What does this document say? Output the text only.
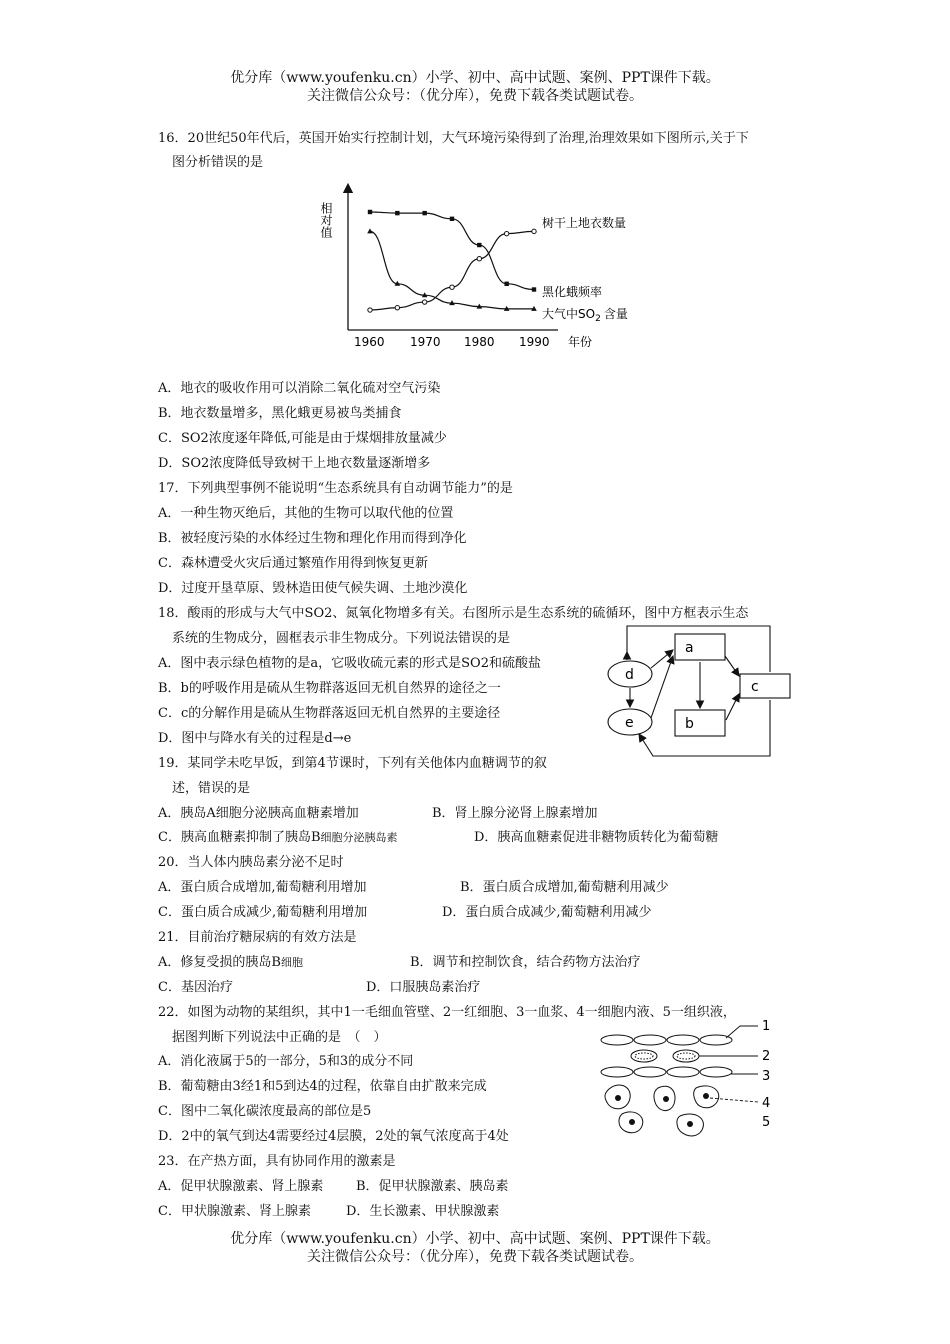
优分库（www.youfenku.cn）小学、初中、高中试题、案例、PPT课件下载。
关注微信公众号：（优分库），免费下载各类试题试卷。
16．20世纪50年代后，英国开始实行控制计划，大气环境污染得到了治理,治理效果如下图所示,关于下
图分析错误的是
相对值
年份
1960 1970 1980 1990
树干上地衣数量
黑化蛾频率
大气中$SO_2$ 含量
A．地衣的吸收作用可以消除二氧化硫对空气污染
B．地衣数量增多，黑化蛾更易被鸟类捕食
C．SO2浓度逐年降低,可能是由于煤烟排放量减少
D．SO2浓度降低导致树干上地衣数量逐渐增多
17．下列典型事例不能说明“生态系统具有自动调节能力”的是
A．一种生物灭绝后，其他的生物可以取代他的位置
B．被轻度污染的水体经过生物和理化作用而得到净化
C．森林遭受火灾后通过繁殖作用得到恢复更新
D．过度开垦草原、毁林造田使气候失调、土地沙漠化
18．酸雨的形成与大气中SO2、氮氧化物增多有关。右图所示是生态系统的硫循环，图中方框表示生态
系统的生物成分，圆框表示非生物成分。下列说法错误的是
A．图中表示绿色植物的是a，它吸收硫元素的形式是SO2和硫酸盐
B．b的呼吸作用是硫从生物群落返回无机自然界的途径之一
C．c的分解作用是硫从生物群落返回无机自然界的主要途径
D．图中与降水有关的过程是d→e
a
c
b
d
e
19．某同学未吃早饭，到第4节课时，下列有关他体内血糖调节的叙
述，错误的是
A．胰岛A细胞分泌胰高血糖素增加	B．肾上腺分泌肾上腺素增加
C．胰高血糖素抑制了胰岛B细胞分泌胰岛素	D．胰高血糖素促进非糖物质转化为葡萄糖
20．当人体内胰岛素分泌不足时
A．蛋白质合成增加,葡萄糖利用增加	B．蛋白质合成增加,葡萄糖利用减少
C．蛋白质合成减少,葡萄糖利用增加	D．蛋白质合成减少,葡萄糖利用减少
21．目前治疗糖尿病的有效方法是
A．修复受损的胰岛B细胞	B．调节和控制饮食，结合药物方法治疗
C．基因治疗	D．口服胰岛素治疗
22．如图为动物的某组织，其中1一毛细血管壁、2一红细胞、3一血浆、4一细胞内液、5一组织液，
据图判断下列说法中正确的是　（　）
A．消化液属于5的一部分，5和3的成分不同
B．葡萄糖由3经1和5到达4的过程，依靠自由扩散来完成
C．图中二氧化碳浓度最高的部位是5
D．2中的氧气到达4需要经过4层膜，2处的氧气浓度高于4处
1
2
3
4
5
23．在产热方面，具有协同作用的激素是
A．促甲状腺激素、肾上腺素	B．促甲状腺激素、胰岛素
C．甲状腺激素、肾上腺素	D．生长激素、甲状腺激素
优分库（www.youfenku.cn）小学、初中、高中试题、案例、PPT课件下载。
关注微信公众号：（优分库），免费下载各类试题试卷。
